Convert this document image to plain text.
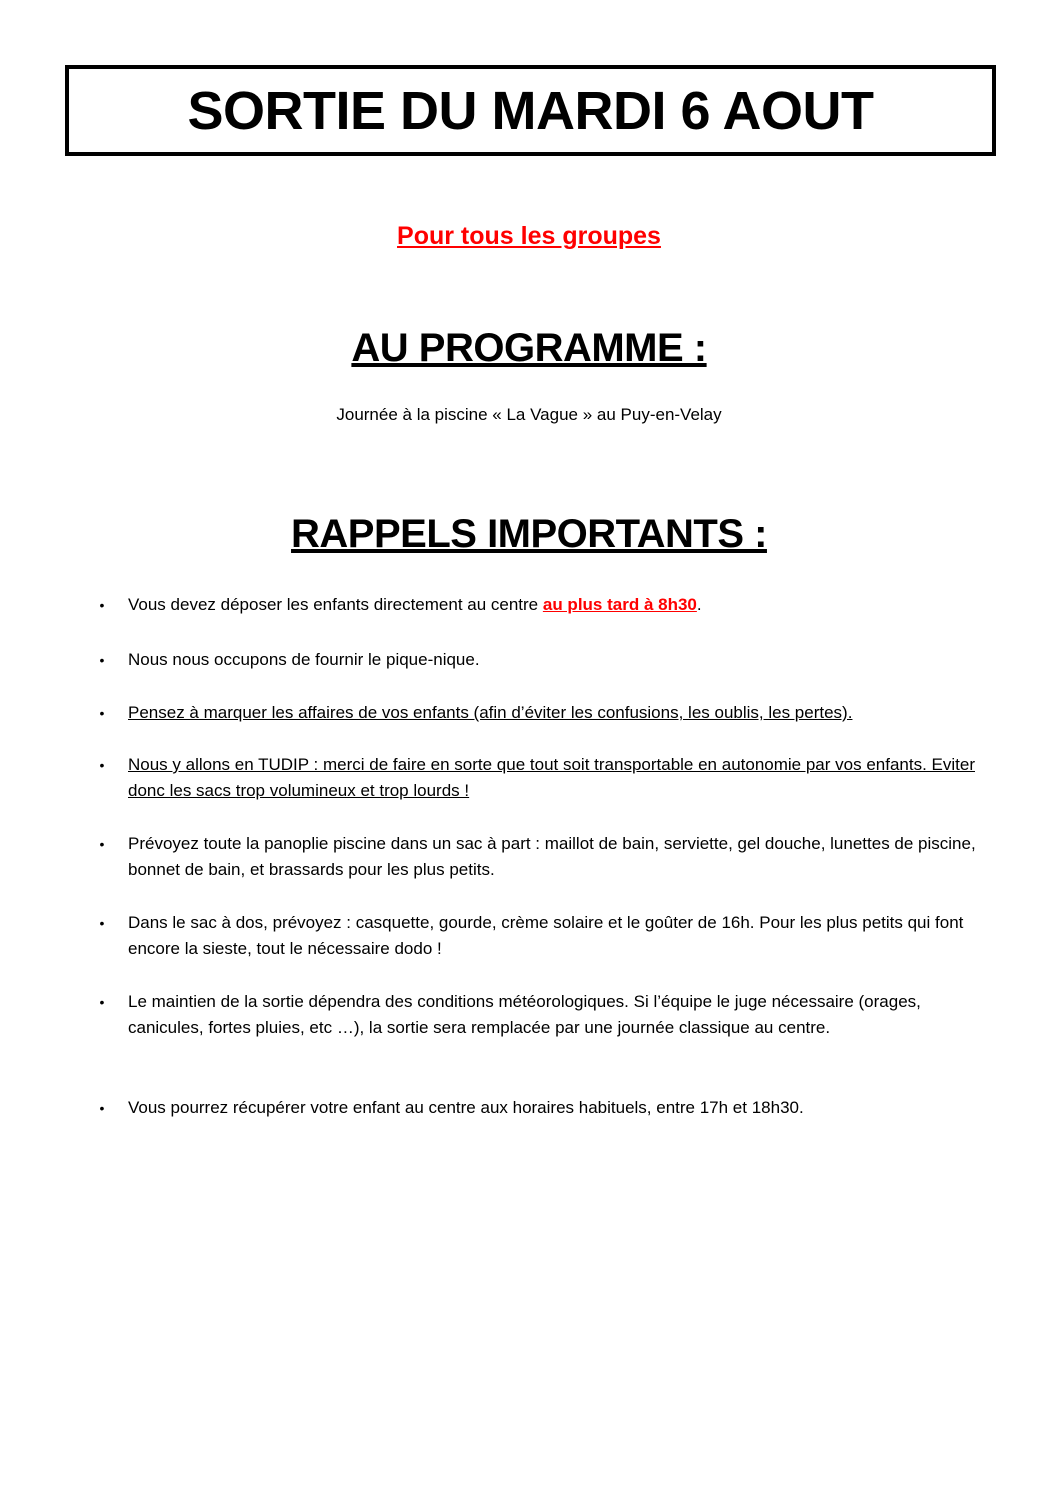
SORTIE DU MARDI 6 AOUT
Pour tous les groupes
AU PROGRAMME :
Journée à la piscine « La Vague » au Puy-en-Velay
RAPPELS IMPORTANTS :
• Vous devez déposer les enfants directement au centre au plus tard à 8h30.
• Nous nous occupons de fournir le pique-nique.
• Pensez à marquer les affaires de vos enfants (afin d’éviter les confusions, les oublis, les pertes).
• Nous y allons en TUDIP : merci de faire en sorte que tout soit transportable en autonomie par vos enfants. Eviter donc les sacs trop volumineux et trop lourds !
• Prévoyez toute la panoplie piscine dans un sac à part : maillot de bain, serviette, gel douche, lunettes de piscine, bonnet de bain, et brassards pour les plus petits.
• Dans le sac à dos, prévoyez : casquette, gourde, crème solaire et le goûter de 16h. Pour les plus petits qui font encore la sieste, tout le nécessaire dodo !
• Le maintien de la sortie dépendra des conditions météorologiques. Si l’équipe le juge nécessaire (orages, canicules, fortes pluies, etc …), la sortie sera remplacée par une journée classique au centre.
• Vous pourrez récupérer votre enfant au centre aux horaires habituels, entre 17h et 18h30.
